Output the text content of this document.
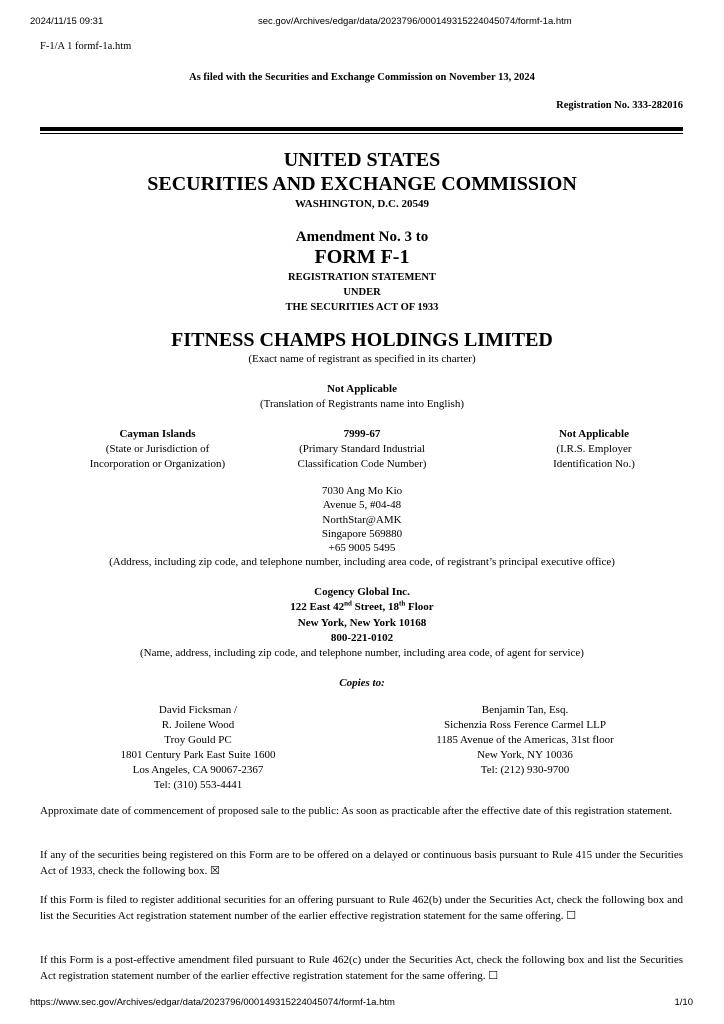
2024/11/15 09:31	sec.gov/Archives/edgar/data/2023796/000149315224045074/formf-1a.htm
F-1/A 1 formf-1a.htm
As filed with the Securities and Exchange Commission on November 13, 2024
Registration No. 333-282016
UNITED STATES
SECURITIES AND EXCHANGE COMMISSION
WASHINGTON, D.C. 20549
Amendment No. 3 to
FORM F-1
REGISTRATION STATEMENT
UNDER
THE SECURITIES ACT OF 1933
FITNESS CHAMPS HOLDINGS LIMITED
(Exact name of registrant as specified in its charter)
Not Applicable
(Translation of Registrants name into English)
Cayman Islands
(State or Jurisdiction of
Incorporation or Organization)
7999-67
(Primary Standard Industrial
Classification Code Number)
Not Applicable
(I.R.S. Employer
Identification No.)
7030 Ang Mo Kio
Avenue 5, #04-48
NorthStar@AMK
Singapore 569880
+65 9005 5495
(Address, including zip code, and telephone number, including area code, of registrant’s principal executive office)
Cogency Global Inc.
122 East 42nd Street, 18th Floor
New York, New York 10168
800-221-0102
(Name, address, including zip code, and telephone number, including area code, of agent for service)
Copies to:
David Ficksman /
R. Joilene Wood
Troy Gould PC
1801 Century Park East Suite 1600
Los Angeles, CA 90067-2367
Tel: (310) 553-4441
Benjamin Tan, Esq.
Sichenzia Ross Ference Carmel LLP
1185 Avenue of the Americas, 31st floor
New York, NY 10036
Tel: (212) 930-9700
Approximate date of commencement of proposed sale to the public: As soon as practicable after the effective date of this registration statement.
If any of the securities being registered on this Form are to be offered on a delayed or continuous basis pursuant to Rule 415 under the Securities Act of 1933, check the following box. ☒
If this Form is filed to register additional securities for an offering pursuant to Rule 462(b) under the Securities Act, check the following box and list the Securities Act registration statement number of the earlier effective registration statement for the same offering. ☐
If this Form is a post-effective amendment filed pursuant to Rule 462(c) under the Securities Act, check the following box and list the Securities Act registration statement number of the earlier effective registration statement for the same offering. ☐
https://www.sec.gov/Archives/edgar/data/2023796/000149315224045074/formf-1a.htm	1/10
